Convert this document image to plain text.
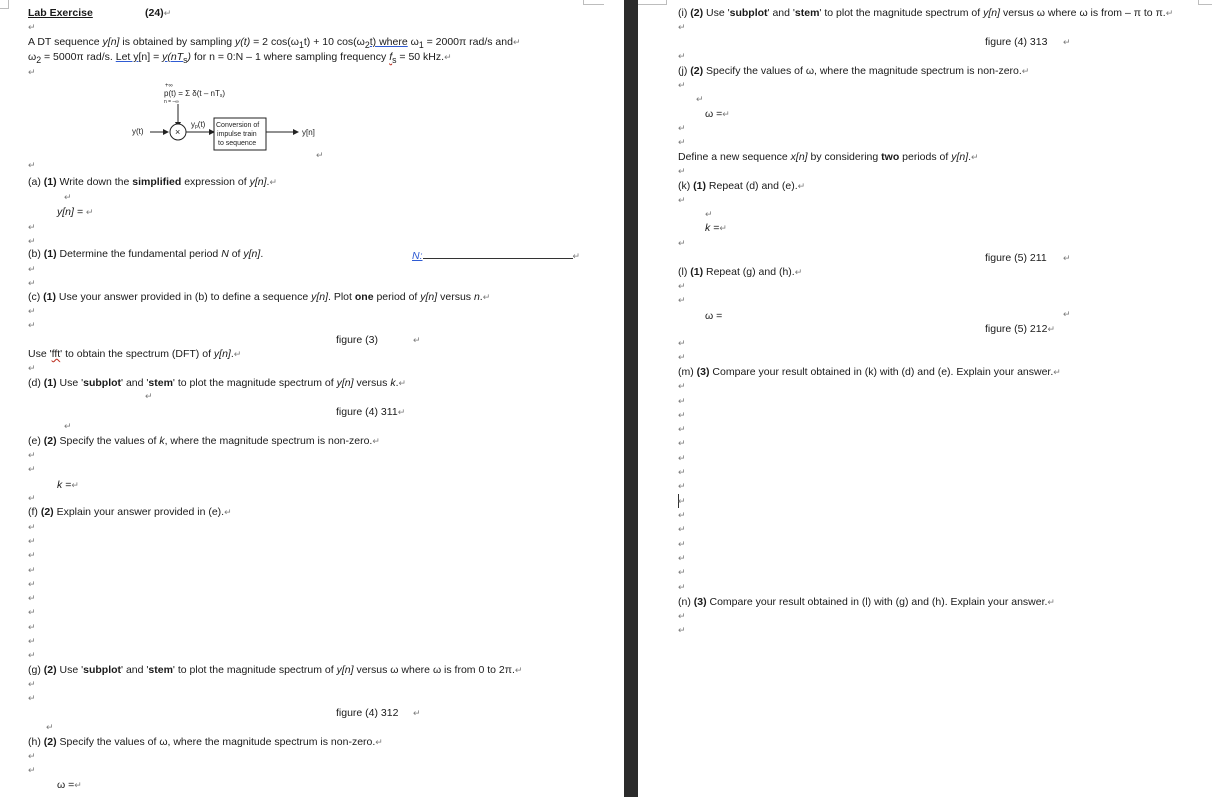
Lab Exercise	(24)↵
↵
A DT sequence y[n] is obtained by sampling y(t) = 2 $\cos(\omega_1t) + 10$ $\cos(\omega_2t)$ where $\omega_1 = 2000\pi$ rad/s and↵
$\omega_2 = 5000\pi$ rad/s. Let $y[n] = y(nT_s)$ for n = 0:N – 1 where sampling frequency $f_s = 50$ kHz.↵
↵
+∞
p(t) = Σ δ(t – nTs)
n = –∞
y(t)	×
yp(t) Conversion of
impulse train
to sequence
y[n]
↵
↵
(a) (1) Write down the simplified expression of y[n].↵
↵
y[n] = ↵
↵
↵
(b) (1) Determine the fundamental period N of y[n].	N:	↵
↵
↵
(c) (1) Use your answer provided in (b) to define a sequence y[n]. Plot one period of y[n] versus n.↵
↵
↵
figure (3)	↵
Use 'fft' to obtain the spectrum (DFT) of y[n].↵
↵
(d) (1) Use 'subplot' and 'stem' to plot the magnitude spectrum of y[n] versus k.↵
↵
figure (4) 311↵
↵
(e) (2) Specify the values of k, where the magnitude spectrum is non-zero.↵
↵
↵
k =↵
↵
(f) (2) Explain your answer provided in (e).↵
↵
↵
↵
↵
↵
↵
↵
↵
↵
↵
(g) (2) Use 'subplot' and 'stem' to plot the magnitude spectrum of y[n] versus ω where ω is from 0 to 2π.↵
↵
↵
figure (4) 312 ↵
↵
(h) (2) Specify the values of ω, where the magnitude spectrum is non-zero.↵
↵
↵
ω =↵
(i) (2) Use 'subplot' and 'stem' to plot the magnitude spectrum of y[n] versus ω where ω is from – π to π.↵
↵
figure (4) 313 ↵
↵
(j) (2) Specify the values of ω, where the magnitude spectrum is non-zero.↵
↵
↵
ω =↵
↵
↵
Define a new sequence x[n] by considering two periods of y[n].↵
↵
(k) (1) Repeat (d) and (e).↵
↵
↵
k =↵
↵
figure (5) 211 ↵
(l) (1) Repeat (g) and (h).↵
↵
↵
ω =	↵
figure (5) 212↵
↵
↵
(m) (3) Compare your result obtained in (k) with (d) and (e). Explain your answer.↵
↵
↵
↵
↵
↵
↵
↵
↵
↵
↵
↵
↵
↵
↵
↵
(n) (3) Compare your result obtained in (l) with (g) and (h). Explain your answer.↵
↵
↵
